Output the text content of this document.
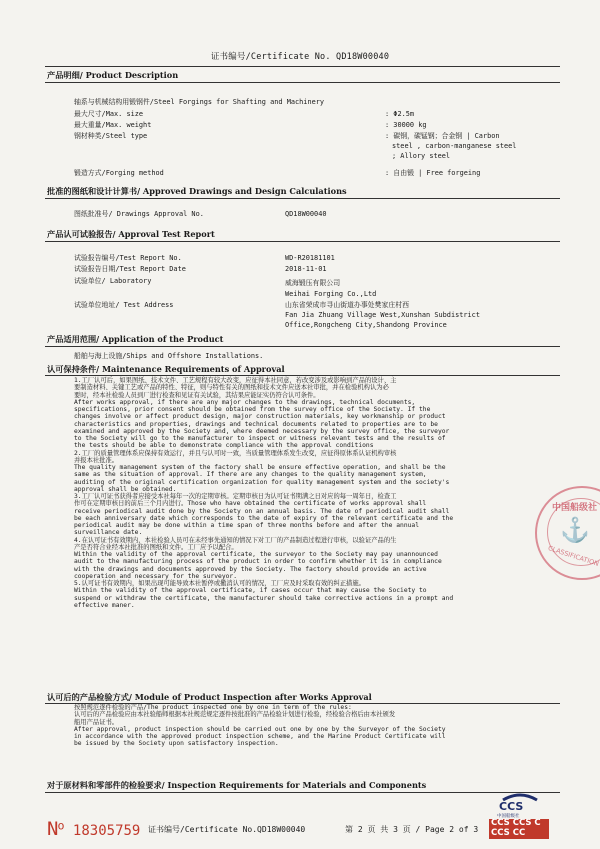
证书编号/Certificate No. QD18W00040
产品明细/ Product Description
轴系与机械结构用锻钢件/Steel Forgings for Shafting and Machinery
最大尺寸/Max. size	: Φ2.5m
最大重量/Max. weight	: 30000 kg
钢材种类/Steel type	: 碳钢，碳锰钢；合金钢 | Carbon
steel , carbon-manganese steel
; Allory steel
锻造方式/Forging method	: 自由锻 | Free forgeing
批准的图纸和设计计算书/ Approved Drawings and Design Calculations
图纸批准号/ Drawings Approval No.	QD18W00040
产品认可试验报告/ Approval Test Report
试验报告编号/Test Report No.	WD-R20181101
试验报告日期/Test Report Date	2018-11-01
试验单位/ Laboratory	威海锻压有限公司
Weihai Forging Co.,Ltd
试验单位地址/ Test Address	山东省荣成市寻山街道办事处樊家庄村西
Fan Jia Zhuang Village West,Xunshan Subdistrict
Office,Rongcheng City,Shandong Province
产品适用范围/ Application of the Product
船舶与海上设施/Ships and Offshore Installations.
认可保持条件/ Maintenance Requirements of Approval
1.工厂认可后，如果图纸、技术文件、工艺规程有较大改变，应征得本社同意，若改变涉及或影响到产品的设计、主
要制造材料、关键工艺或产品的特性、特征，则与特性有关的图纸和技术文件应送本社审批，并在检验机构认为必
要时，经本社检验人员到厂进行检查和见证有关试验，其结果应能证实仍符合认可条件。
After works approval, if there are any major changes to the drawings, technical documents,
specifications, prior consent should be obtained from the survey office of the Society. If the
changes involve or affect product design, major construction materials, key workmanship or product
characteristics and properties, drawings and technical documents related to properties are to be
examined and approved by the Society and, where deemed necessary by the survey office, the surveyor
to the Society will go to the manufacturer to inspect or witness relevant tests and the results of
the tests should be able to demonstrate compliance with the approval conditions
2.工厂的质量管理体系应保持有效运行，并且与认可时一致，当质量管理体系发生改变，应征得原体系认证机构审核
并报本社批准。
The quality management system of the factory shall be ensure effective operation, and shall be the
same as the situation of approval. If there are any changes to the quality management system,
auditing of the original certification organization for quality management system and the society's
approval shall be obtained.
3.工厂认可证书获得者应接受本社每年一次的定期审核。定期审核日为认可证书期满之日对应的每一周年日，检查工
作可在定期审核日的前后三个月内进行。Those who have obtained the certificate of works approval shall
receive periodical audit done by the Society on an annual basis. The date of periodical audit shall
be each anniversary date which corresponds to the date of expiry of the relevant certificate and the
periodical audit may be done within a time span of three months before and after the annual
surveillance date.
4.在认可证书有效期内，本社检验人员可在未经事先通知的情况下对工厂的产品制造过程进行审核，以验证产品的生
产是否符合业经本社批准的图纸和文件。工厂应予以配合。
Within the validity of the approval certificate, the surveyor to the Society may pay unannounced
audit to the manufacturing process of the product in order to confirm whether it is in compliance
with the drawings and documents approved by the Society. The factory should provide an active
cooperation and necessary for the surveyor.
5.认可证书有效期内，如果出现可能导致本社暂停或撤消认可的情况，工厂应及时采取有效的纠正措施。
Within the validity of the approval certificate, if cases occur that may cause the Society to
suspend or withdraw the certificate, the manufacturer should take corrective actions in a prompt and
effective maner.
中国船级社
⚓
CLASSIFICATION
认可后的产品检验方式/ Module of Product Inspection after Works Approval
按照规范逐件检验的产品/The product inspected one by one in term of the rules:
认可后的产品检验应由本社验船师根据本社规范规定逐件按批准的产品检验计划进行检验，经检验合格后由本社颁发
船用产品证书。
After approval, product inspection should be carried out one by one by the Surveyor of the Society
in accordance with the approved product inspection scheme, and the Marine Product Certificate will
be issued by the Society upon satisfactory inspection.
对于原材料和零部件的检验要求/ Inspection Requirements for Materials and Components
CCS
中国船级社
CCS CCS C
CCS CC
$N^o$ 18305759 证书编号/Certificate No.QD18W00040	第 2 页 共 3 页 / Page 2 of 3
